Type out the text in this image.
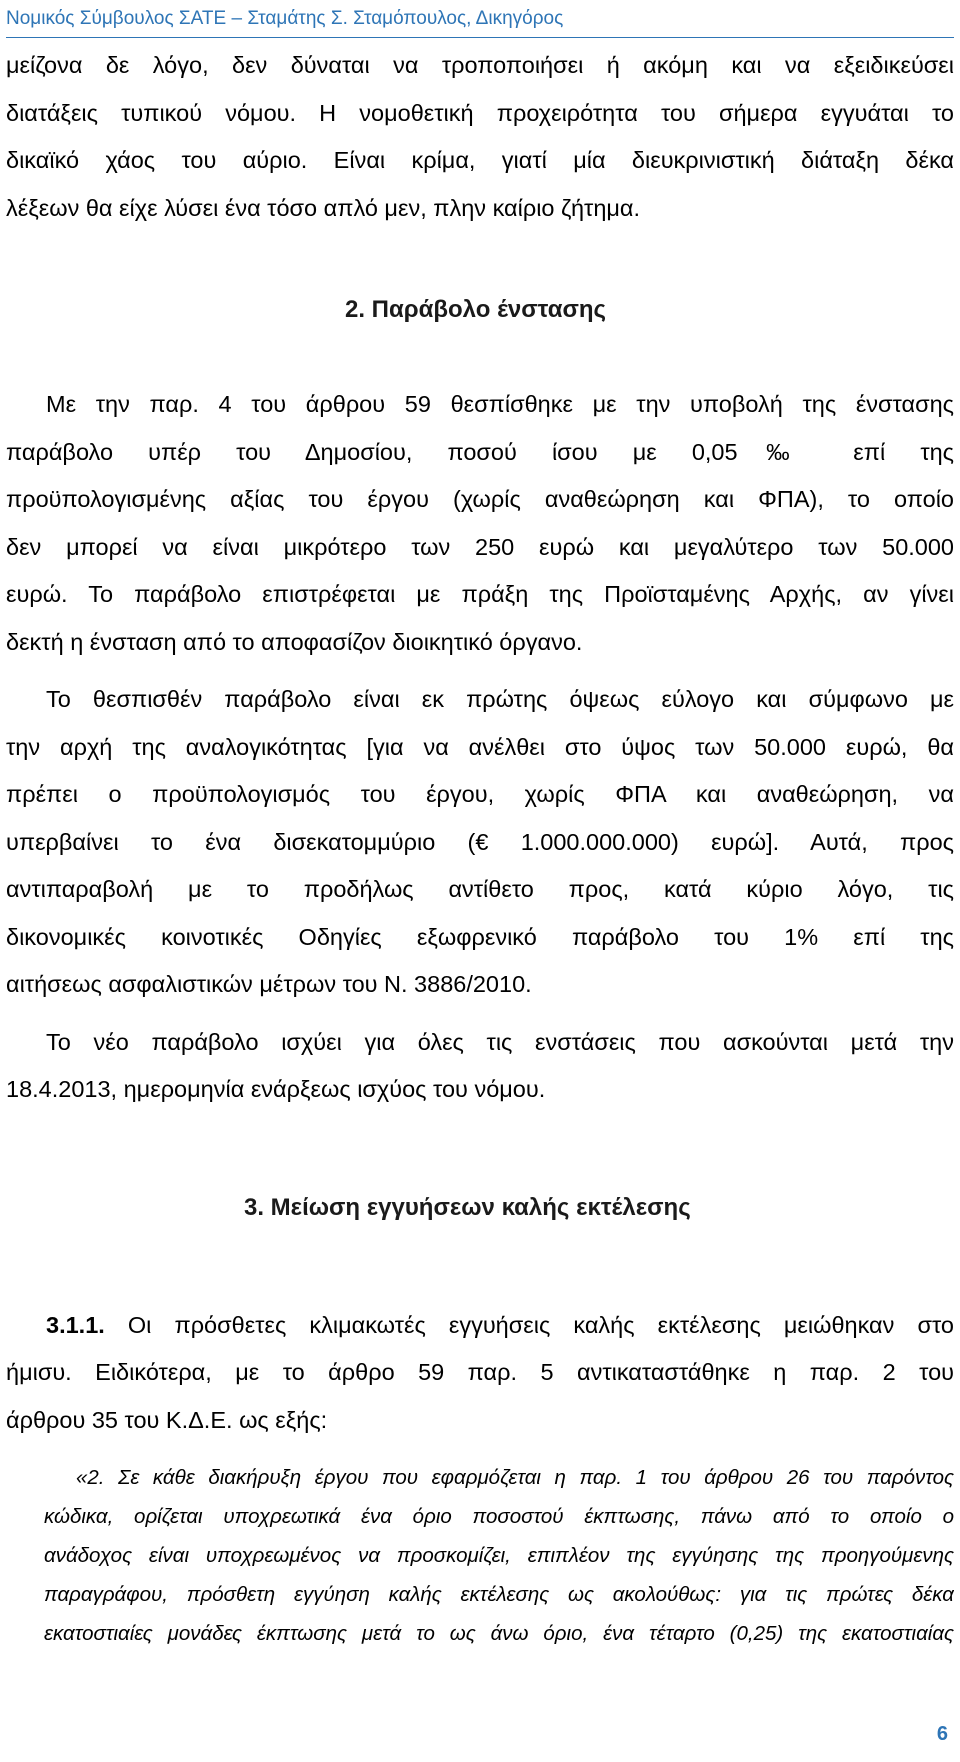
Νομικός Σύμβουλος ΣΑΤΕ – Σταμάτης Σ. Σταμόπουλος, Δικηγόρος
μείζονα δε λόγο, δεν δύναται να τροποποιήσει ή ακόμη και να εξειδικεύσει
διατάξεις τυπικού νόμου. Η νομοθετική προχειρότητα του σήμερα εγγυάται το
δικαϊκό χάος του αύριο. Είναι κρίμα, γιατί μία διευκρινιστική διάταξη δέκα
λέξεων θα είχε λύσει ένα τόσο απλό μεν, πλην καίριο ζήτημα.
2. Παράβολο ένστασης
Με την παρ. 4 του άρθρου 59 θεσπίσθηκε με την υποβολή της ένστασης
παράβολο υπέρ του Δημοσίου, ποσού ίσου με 0,05‰ επί της
προϋπολογισμένης αξίας του έργου (χωρίς αναθεώρηση και ΦΠΑ), το οποίο
δεν μπορεί να είναι μικρότερο των 250 ευρώ και μεγαλύτερο των 50.000
ευρώ. Το παράβολο επιστρέφεται με πράξη της Προϊσταμένης Αρχής, αν γίνει
δεκτή η ένσταση από το αποφασίζον διοικητικό όργανο.
Το θεσπισθέν παράβολο είναι εκ πρώτης όψεως εύλογο και σύμφωνο με
την αρχή της αναλογικότητας [για να ανέλθει στο ύψος των 50.000 ευρώ, θα
πρέπει ο προϋπολογισμός του έργου, χωρίς ΦΠΑ και αναθεώρηση, να
υπερβαίνει το ένα δισεκατομμύριο (€ 1.000.000.000) ευρώ]. Αυτά, προς
αντιπαραβολή με το προδήλως αντίθετο προς, κατά κύριο λόγο, τις
δικονομικές κοινοτικές Οδηγίες εξωφρενικό παράβολο του 1% επί της
αιτήσεως ασφαλιστικών μέτρων του Ν. 3886/2010.
Το νέο παράβολο ισχύει για όλες τις ενστάσεις που ασκούνται μετά την
18.4.2013, ημερομηνία ενάρξεως ισχύος του νόμου.
3. Μείωση εγγυήσεων καλής εκτέλεσης
3.1.1. Οι πρόσθετες κλιμακωτές εγγυήσεις καλής εκτέλεσης μειώθηκαν στο
ήμισυ. Ειδικότερα, με το άρθρο 59 παρ. 5 αντικαταστάθηκε η παρ. 2 του
άρθρου 35 του Κ.Δ.Ε. ως εξής:
«2. Σε κάθε διακήρυξη έργου που εφαρμόζεται η παρ. 1 του άρθρου 26 του παρόντος
κώδικα, ορίζεται υποχρεωτικά ένα όριο ποσοστού έκπτωσης, πάνω από το οποίο ο
ανάδοχος είναι υποχρεωμένος να προσκομίζει, επιπλέον της εγγύησης της προηγούμενης
παραγράφου, πρόσθετη εγγύηση καλής εκτέλεσης ως ακολούθως: για τις πρώτες δέκα
εκατοστιαίες μονάδες έκπτωσης μετά το ως άνω όριο, ένα τέταρτο (0,25) της εκατοστιαίας
6
